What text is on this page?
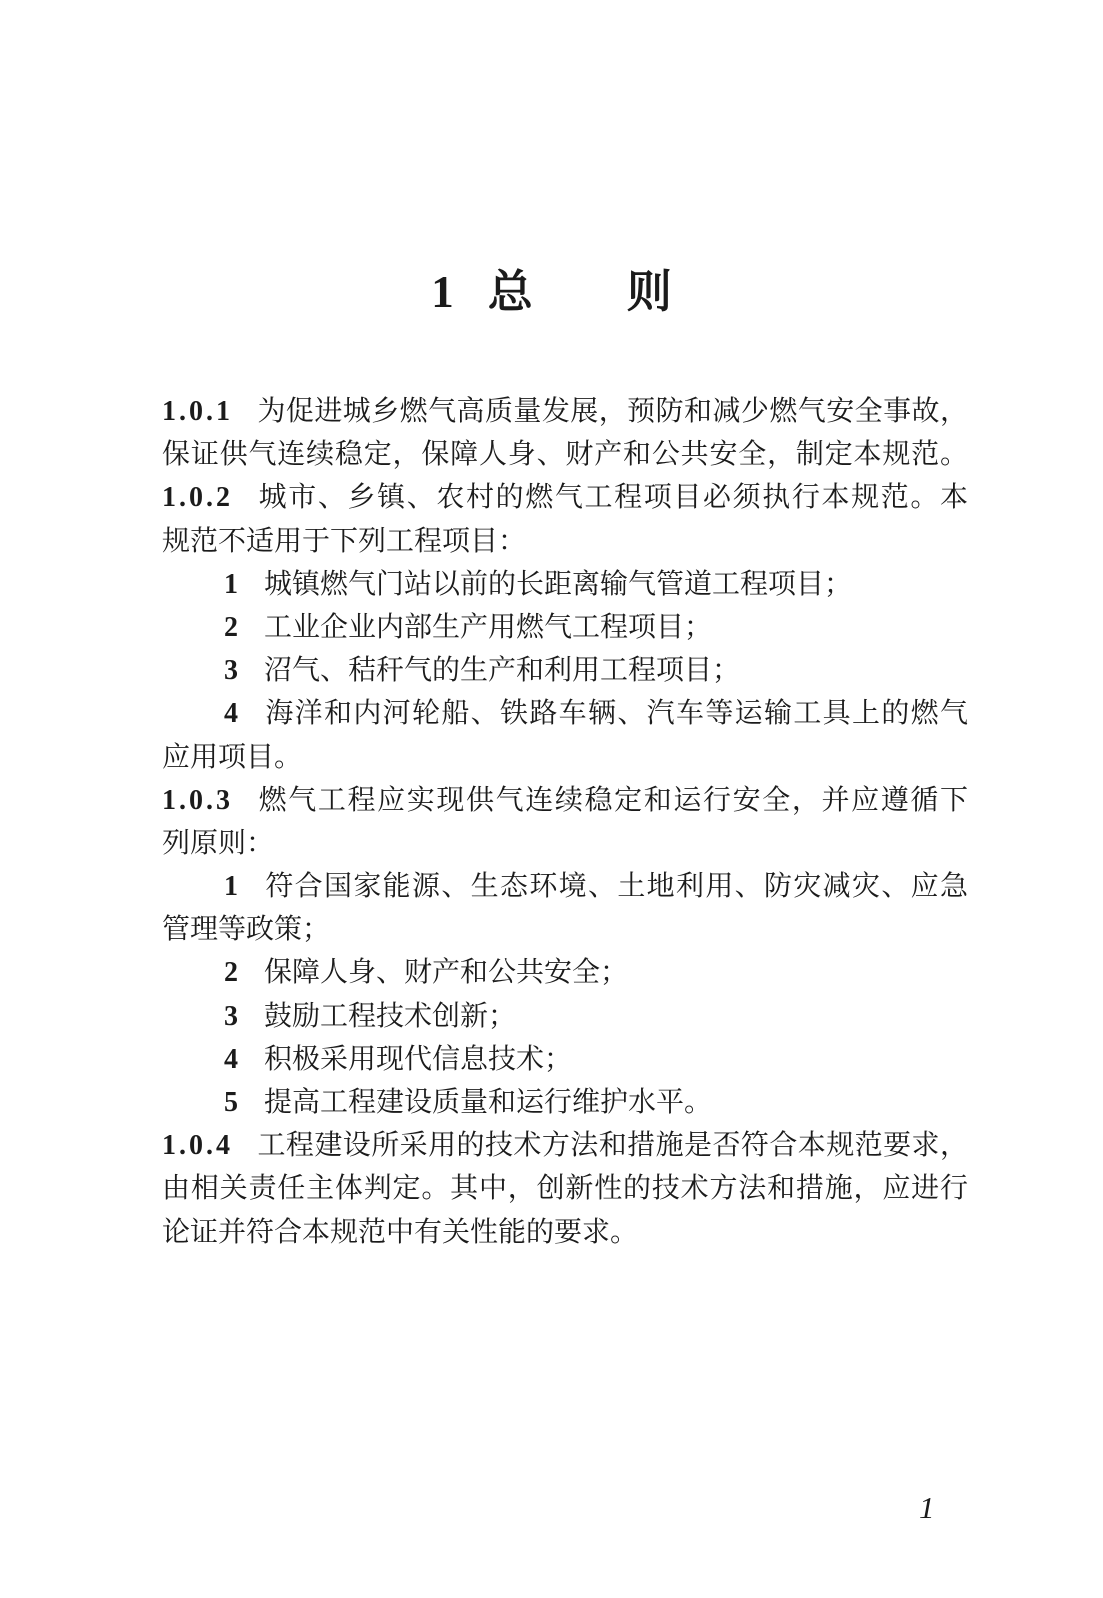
1 总 则
1.0.1 为促进城乡燃气高质量发展，预防和减少燃气安全事故，
保证供气连续稳定，保障人身、财产和公共安全，制定本规范。
1.0.2 城市、乡镇、农村的燃气工程项目必须执行本规范。本
规范不适用于下列工程项目：
1 城镇燃气门站以前的长距离输气管道工程项目；
2 工业企业内部生产用燃气工程项目；
3 沼气、秸秆气的生产和利用工程项目；
4 海洋和内河轮船、铁路车辆、汽车等运输工具上的燃气
应用项目。
1.0.3 燃气工程应实现供气连续稳定和运行安全，并应遵循下
列原则：
1 符合国家能源、生态环境、土地利用、防灾减灾、应急
管理等政策；
2 保障人身、财产和公共安全；
3 鼓励工程技术创新；
4 积极采用现代信息技术；
5 提高工程建设质量和运行维护水平。
1.0.4 工程建设所采用的技术方法和措施是否符合本规范要求，
由相关责任主体判定。其中，创新性的技术方法和措施，应进行
论证并符合本规范中有关性能的要求。
1
